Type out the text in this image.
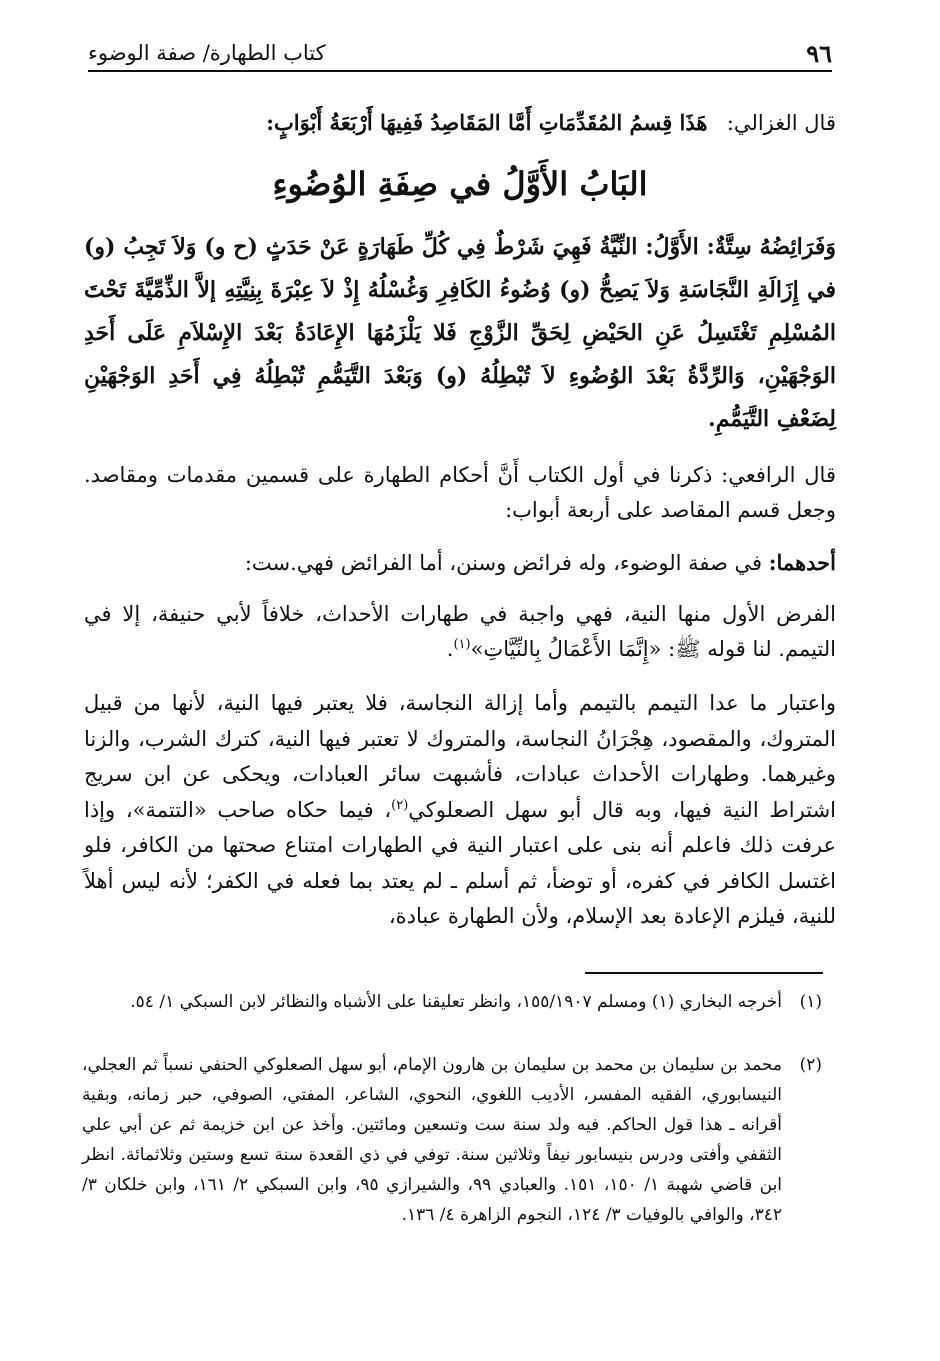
٩٦
كتاب الطهارة/ صفة الوضوء
قال الغزالي:  هَذَا قِسمُ المُقَدِّمَاتِ أَمَّا المَقَاصِدُ فَفِيهَا أَرْبَعَةُ أَبْوَابٍ:
البَابُ الأَوَّلُ في صِفَةِ الوُضُوءِ
وَفَرَائِضُهُ سِتَّةٌ: الأَوَّلُ: النِّيَّةُ فَهِيَ شَرْطٌ فِي كُلِّ طَهَارَةٍ عَنْ حَدَثٍ (ح و) وَلاَ تَجِبُ (و) في إِزَالَةِ النَّجَاسَةِ وَلاَ يَصِحُّ (و) وُضُوءُ الكَافِرِ وَغُسْلُهُ إِذْ لاَ عِبْرَةَ بِنِيَّتِهِ إلاَّ الذِّمِّيَّةَ تَحْتَ المُسْلِمِ تَغْتَسِلُ عَنِ الحَيْضِ لِحَقِّ الزَّوْجِ فَلا يَلْزَمُهَا الإِعَادَةُ بَعْدَ الإِسْلاَمِ عَلَى أَحَدِ الوَجْهَيْنِ، وَالرِّدَّةُ بَعْدَ الوُضُوءِ لاَ تُبْطِلُهُ (و) وَبَعْدَ التَّيَمُّمِ تُبْطِلُهُ فِي أَحَدِ الوَجْهَيْنِ لِضَعْفِ التَّيَمُّمِ.
قال الرافعي: ذكرنا في أول الكتاب أَنَّ أحكام الطهارة على قسمين مقدمات ومقاصد. وجعل قسم المقاصد على أربعة أبواب:
أحدهما: في صفة الوضوء، وله فرائض وسنن، أما الفرائض فهي.ست:
الفرض الأول منها النية، فهي واجبة في طهارات الأحداث، خلافاً لأبي حنيفة، إلا في التيمم. لنا قوله ﷺ: «إِنَّمَا الأَعْمَالُ بِالنِّيَّاتِ»$^{(١)}$.
واعتبار ما عدا التيمم بالتيمم وأما إزالة النجاسة، فلا يعتبر فيها النية، لأنها من قبيل المتروك، والمقصود، هِجْرَانُ النجاسة، والمتروك لا تعتبر فيها النية، كترك الشرب، والزنا وغيرهما. وطهارات الأحداث عبادات، فأشبهت سائر العبادات، ويحكى عن ابن سريج اشتراط النية فيها، وبه قال أبو سهل الصعلوكي$^{(٢)}$، فيما حكاه صاحب «التتمة»، وإذا عرفت ذلك فاعلم أنه بنى على اعتبار النية في الطهارات امتناع صحتها من الكافر، فلو اغتسل الكافر في كفره، أو توضأ، ثم أسلم ـ لم يعتد بما فعله في الكفر؛ لأنه ليس أهلاً للنية، فيلزم الإعادة بعد الإسلام، ولأن الطهارة عبادة،
(١)
أخرجه البخاري (١) ومسلم ١٥٥/١٩٠٧، وانظر تعليقنا على الأشباه والنظائر لابن السبكي ١/ ٥٤.
(٢)
محمد بن سليمان بن محمد بن سليمان بن هارون الإمام، أبو سهل الصعلوكي الحنفي نسباً ثم العجلي، النيسابوري، الفقيه المفسر، الأديب اللغوي، النحوي، الشاعر، المفتي، الصوفي، حبر زمانه، وبقية أقرانه ـ هذا قول الحاكم. فيه ولد سنة ست وتسعين ومائتين. وأخذ عن ابن خزيمة ثم عن أبي علي الثقفي وأفتى ودرس بنيسابور نيفاً وثلاثين سنة. توفي في ذي القعدة سنة تسع وستين وثلاثمائة. انظر ابن قاضي شهبة ١/ ١٥٠، ١٥١. والعبادي ٩٩، والشيرازي ٩٥، وابن السبكي ٢/ ١٦١، وابن خلكان ٣/ ٣٤٢، والوافي بالوفيات ٣/ ١٢٤، النجوم الزاهرة ٤/ ١٣٦.
